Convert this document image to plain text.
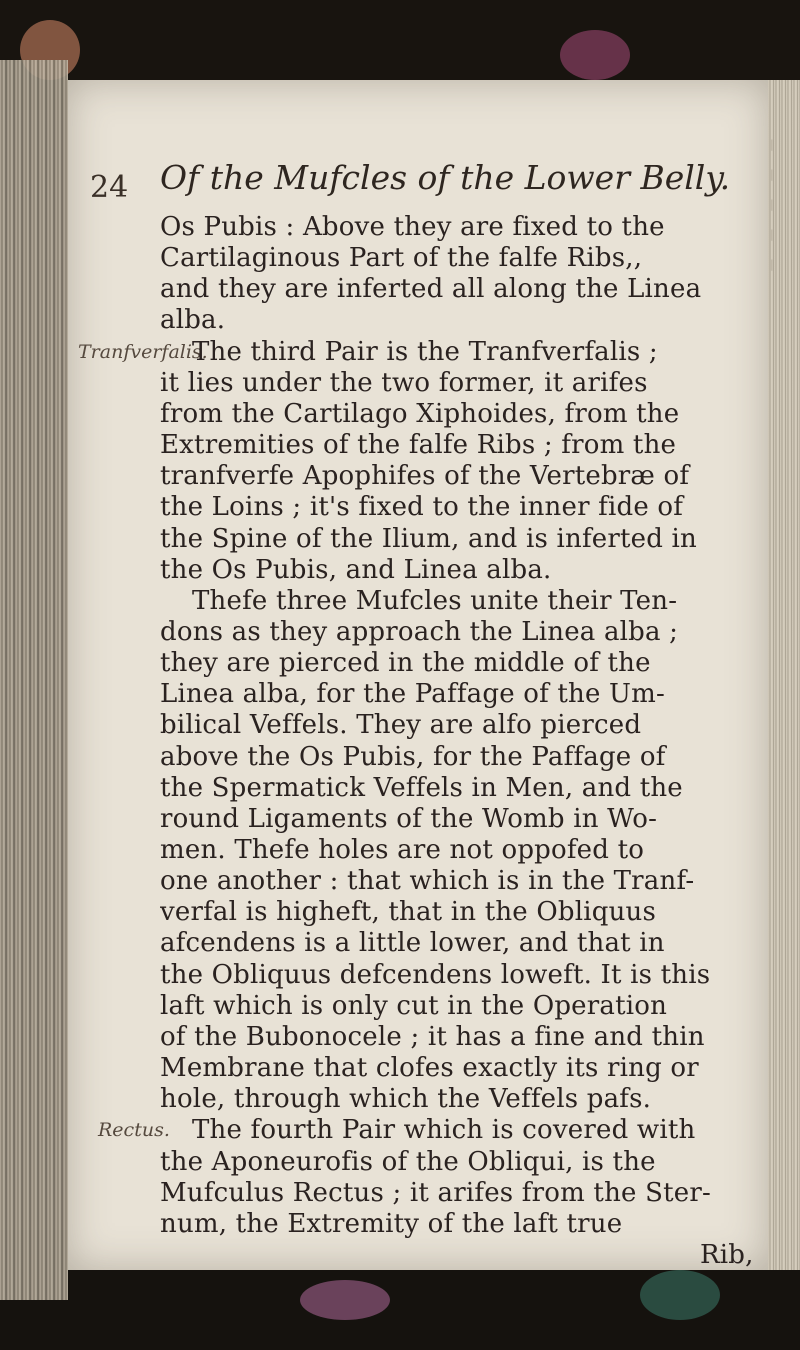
24 Of the Mufcles of the Lower Belly.
Tranfverfalis.
Rectus.
Os Pubis : Above they are fixed to the
Cartilaginous Part of the falfe Ribs,,
and they are inferted all along the Linea
alba.
The third Pair is the Tranfverfalis ;
it lies under the two former, it arifes
from the Cartilago Xiphoides, from the
Extremities of the falfe Ribs ; from the
tranfverfe Apophifes of the Vertebræ of
the Loins ; it's fixed to the inner fide of
the Spine of the Ilium, and is inferted in
the Os Pubis, and Linea alba.
Thefe three Mufcles unite their Ten-
dons as they approach the Linea alba ;
they are pierced in the middle of the
Linea alba, for the Paffage of the Um-
bilical Veffels. They are alfo pierced
above the Os Pubis, for the Paffage of
the Spermatick Veffels in Men, and the
round Ligaments of the Womb in Wo-
men. Thefe holes are not oppofed to
one another : that which is in the Tranf-
verfal is higheft, that in the Obliquus
afcendens is a little lower, and that in
the Obliquus defcendens loweft. It is this
laft which is only cut in the Operation
of the Bubonocele ; it has a fine and thin
Membrane that clofes exactly its ring or
hole, through which the Veffels pafs.
|
|
|
|
|
The fourth Pair which is covered with
the Aponeurofis of the Obliqui, is the
Mufculus Rectus ; it arifes from the Ster-
num, the Extremity of the laft true
Rib,
